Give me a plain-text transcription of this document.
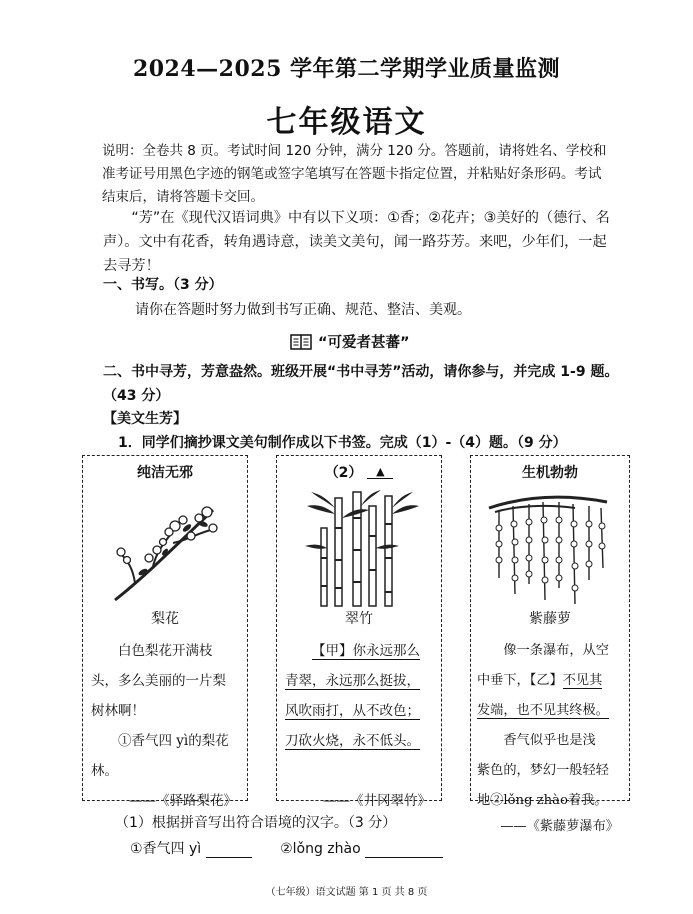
2024—2025 学年第二学期学业质量监测
七年级语文
说明：全卷共 8 页。考试时间 120 分钟，满分 120 分。答题前，请将姓名、学校和准考证号用黑色字迹的钢笔或签字笔填写在答题卡指定位置，并粘贴好条形码。考试结束后，请将答题卡交回。
“芳”在《现代汉语词典》中有以下义项：①香；②花卉；③美好的（德行、名声）。文中有花香，转角遇诗意，读美文美句，闻一路芬芳。来吧，少年们，一起去寻芳！
一、书写。（3 分）
请你在答题时努力做到书写正确、规范、整洁、美观。
“可爱者甚蕃”
二、书中寻芳，芳意盎然。班级开展“书中寻芳”活动，请你参与，并完成 1-9 题。（43 分）
【美文生芳】
1．同学们摘抄课文美句制作成以下书签。完成（1）-（4）题。（9 分）
纯洁无邪
梨花

白色梨花开满枝

头，多么美丽的一片梨

树林啊！

①香气四 yì的梨花

林。

——《驿路梨花》

（2） ▲
翠竹

【甲】你永远那么

青翠，永远那么挺拔，

风吹雨打，从不改色；

刀砍火烧，永不低头。

——《井冈翠竹》

生机勃勃
紫藤萝

像一条瀑布，从空

中垂下，【乙】不见其

发端，也不见其终极。

香气似乎也是浅

紫色的，梦幻一般轻轻

地②lǒng zhào着我。

——《紫藤萝瀑布》

（1）根据拼音写出符合语境的汉字。（3 分）
①香气四 yì	②lǒng zhào
（七年级）语文试题 第 1 页 共 8 页
